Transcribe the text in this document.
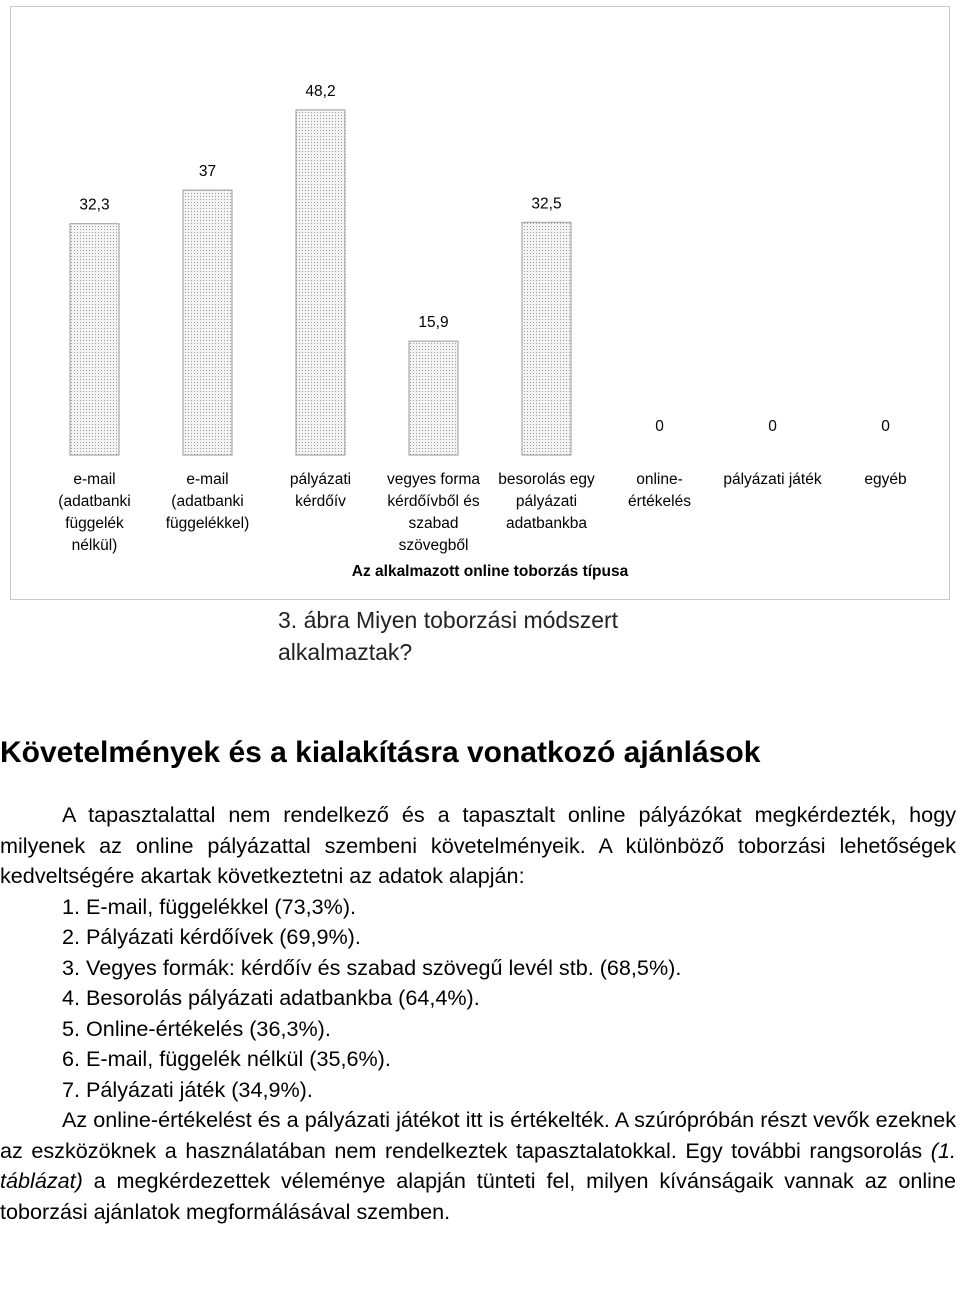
32,3
37
48,2
15,9
32,5
0	0	0
e-mail
(adatbanki
függelék
nélkül)
e-mail
(adatbanki
függelékkel)
pályázati
kérdőív
vegyes forma
kérdőívből és
szabad
szövegből
besorolás egy
pályázati
adatbankba
online-
értékelés
pályázati játék	egyéb
Az alkalmazott online toborzás típusa
3. ábra Miyen toborzási módszert alkalmaztak?
Követelmények és a kialakításra vonatkozó ajánlások

A tapasztalattal nem rendelkező és a tapasztalt online pályázókat megkérdezték, hogy milyenek az online pályázattal szembeni követelményeik. A különböző toborzási lehetőségek kedveltségére akartak következtetni az adatok alapján:

1. E-mail, függelékkel (73,3%).
2. Pályázati kérdőívek (69,9%).
3. Vegyes formák: kérdőív és szabad szövegű levél stb. (68,5%).
4. Besorolás pályázati adatbankba (64,4%).
5. Online-értékelés (36,3%).
6. E-mail, függelék nélkül (35,6%).
7. Pályázati játék (34,9%).

Az online-értékelést és a pályázati játékot itt is értékelték. A szúrópróbán részt vevők ezeknek az eszközöknek a használatában nem rendelkeztek tapasztalatokkal. Egy további rangsorolás (1. táblázat) a megkérdezettek véleménye alapján tünteti fel, milyen kívánságaik vannak az online toborzási ajánlatok megformálásával szemben.
